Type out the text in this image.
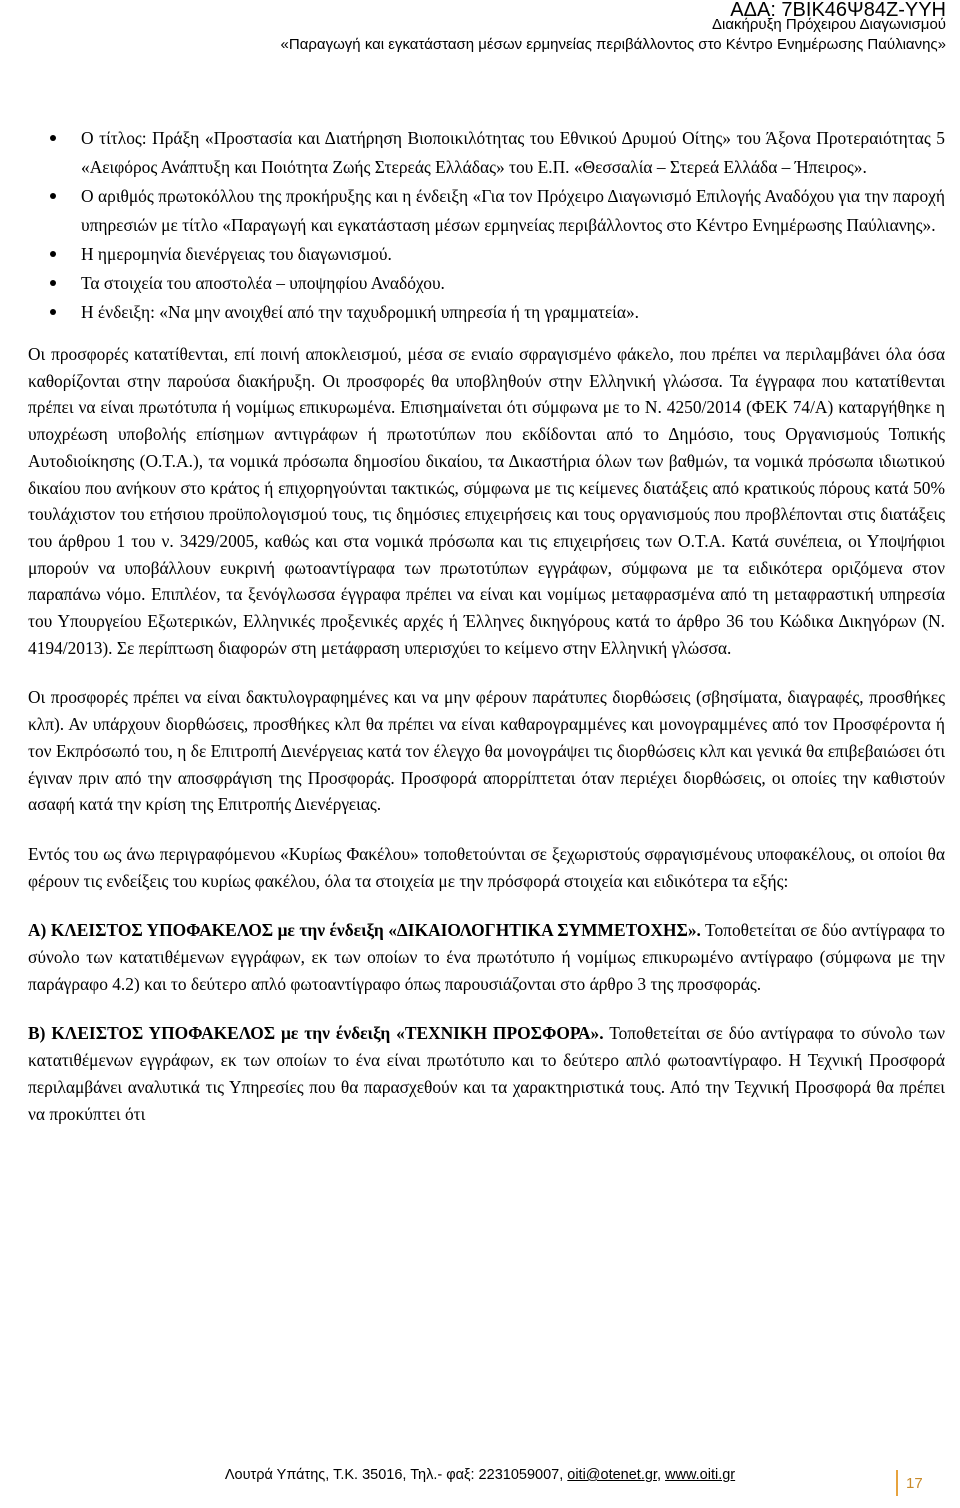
ΑΔΑ: 7ΒΙΚ46Ψ84Ζ-ΥΥΗ
Διακήρυξη Πρόχειρου Διαγωνισμού
«Παραγωγή και εγκατάσταση μέσων ερμηνείας περιβάλλοντος στο Κέντρο Ενημέρωσης Παύλιανης»
Ο τίτλος: Πράξη «Προστασία και Διατήρηση Βιοποικιλότητας του Εθνικού Δρυμού Οίτης» του Άξονα Προτεραιότητας 5 «Αειφόρος Ανάπτυξη και Ποιότητα Ζωής Στερεάς Ελλάδας» του Ε.Π. «Θεσσαλία – Στερεά Ελλάδα – Ήπειρος».
Ο αριθμός πρωτοκόλλου της προκήρυξης και η ένδειξη «Για τον Πρόχειρο Διαγωνισμό Επιλογής Αναδόχου για την παροχή υπηρεσιών με τίτλο «Παραγωγή και εγκατάσταση μέσων ερμηνείας περιβάλλοντος στο Κέντρο Ενημέρωσης Παύλιανης».
Η ημερομηνία διενέργειας του διαγωνισμού.
Τα στοιχεία του αποστολέα – υποψηφίου Αναδόχου.
Η ένδειξη: «Να μην ανοιχθεί από την ταχυδρομική υπηρεσία ή τη γραμματεία».

Οι προσφορές κατατίθενται, επί ποινή αποκλεισμού, μέσα σε ενιαίο σφραγισμένο φάκελο, που πρέπει να περιλαμβάνει όλα όσα καθορίζονται στην παρούσα διακήρυξη. Οι προσφορές θα υποβληθούν στην Ελληνική γλώσσα. Τα έγγραφα που κατατίθενται πρέπει να είναι πρωτότυπα ή νομίμως επικυρωμένα. Επισημαίνεται ότι σύμφωνα με το Ν. 4250/2014 (ΦΕΚ 74/Α) καταργήθηκε η υποχρέωση υποβολής επίσημων αντιγράφων ή πρωτοτύπων που εκδίδονται από το Δημόσιο, τους Οργανισμούς Τοπικής Αυτοδιοίκησης (Ο.Τ.Α.), τα νομικά πρόσωπα δημοσίου δικαίου, τα Δικαστήρια όλων των βαθμών, τα νομικά πρόσωπα ιδιωτικού δικαίου που ανήκουν στο κράτος ή επιχορηγούνται τακτικώς, σύμφωνα με τις κείμενες διατάξεις από κρατικούς πόρους κατά 50% τουλάχιστον του ετήσιου προϋπολογισμού τους, τις δημόσιες επιχειρήσεις και τους οργανισμούς που προβλέπονται στις διατάξεις του άρθρου 1 του ν. 3429/2005, καθώς και στα νομικά πρόσωπα και τις επιχειρήσεις των Ο.Τ.Α. Κατά συνέπεια, οι Υποψήφιοι μπορούν να υποβάλλουν ευκρινή φωτοαντίγραφα των πρωτοτύπων εγγράφων, σύμφωνα με τα ειδικότερα οριζόμενα στον παραπάνω νόμο. Επιπλέον, τα ξενόγλωσσα έγγραφα πρέπει να είναι και νομίμως μεταφρασμένα από τη μεταφραστική υπηρεσία του Υπουργείου Εξωτερικών, Ελληνικές προξενικές αρχές ή Έλληνες δικηγόρους κατά το άρθρο 36 του Κώδικα Δικηγόρων (Ν. 4194/2013). Σε περίπτωση διαφορών στη μετάφραση υπερισχύει το κείμενο στην Ελληνική γλώσσα.

Οι προσφορές πρέπει να είναι δακτυλογραφημένες και να μην φέρουν παράτυπες διορθώσεις (σβησίματα, διαγραφές, προσθήκες κλπ). Αν υπάρχουν διορθώσεις, προσθήκες κλπ θα πρέπει να είναι καθαρογραμμένες και μονογραμμένες από τον Προσφέροντα ή τον Εκπρόσωπό του, η δε Επιτροπή Διενέργειας κατά τον έλεγχο θα μονογράψει τις διορθώσεις κλπ και γενικά θα επιβεβαιώσει ότι έγιναν πριν από την αποσφράγιση της Προσφοράς. Προσφορά απορρίπτεται όταν περιέχει διορθώσεις, οι οποίες την καθιστούν ασαφή κατά την κρίση της Επιτροπής Διενέργειας.

Εντός του ως άνω περιγραφόμενου «Κυρίως Φακέλου» τοποθετούνται σε ξεχωριστούς σφραγισμένους υποφακέλους, οι οποίοι θα φέρουν τις ενδείξεις του κυρίως φακέλου, όλα τα στοιχεία με την πρόσφορά στοιχεία και ειδικότερα τα εξής:

Α) ΚΛΕΙΣΤΟΣ ΥΠΟΦΑΚΕΛΟΣ με την ένδειξη «ΔΙΚΑΙΟΛΟΓΗΤΙΚΑ ΣΥΜΜΕΤΟΧΗΣ». Τοποθετείται σε δύο αντίγραφα το σύνολο των κατατιθέμενων εγγράφων, εκ των οποίων το ένα πρωτότυπο ή νομίμως επικυρωμένο αντίγραφο (σύμφωνα με την παράγραφο 4.2) και το δεύτερο απλό φωτοαντίγραφο όπως παρουσιάζονται στο άρθρο 3 της προσφοράς.

Β) ΚΛΕΙΣΤΟΣ ΥΠΟΦΑΚΕΛΟΣ με την ένδειξη «ΤΕΧΝΙΚΗ ΠΡΟΣΦΟΡΑ». Τοποθετείται σε δύο αντίγραφα το σύνολο των κατατιθέμενων εγγράφων, εκ των οποίων το ένα είναι πρωτότυπο και το δεύτερο απλό φωτοαντίγραφο. Η Τεχνική Προσφορά περιλαμβάνει αναλυτικά τις Υπηρεσίες που θα παρασχεθούν και τα χαρακτηριστικά τους. Από την Τεχνική Προσφορά θα πρέπει να προκύπτει ότι

Λουτρά Υπάτης, Τ.Κ. 35016, Τηλ.- φαξ: 2231059007, oiti@otenet.gr, www.oiti.gr	17
